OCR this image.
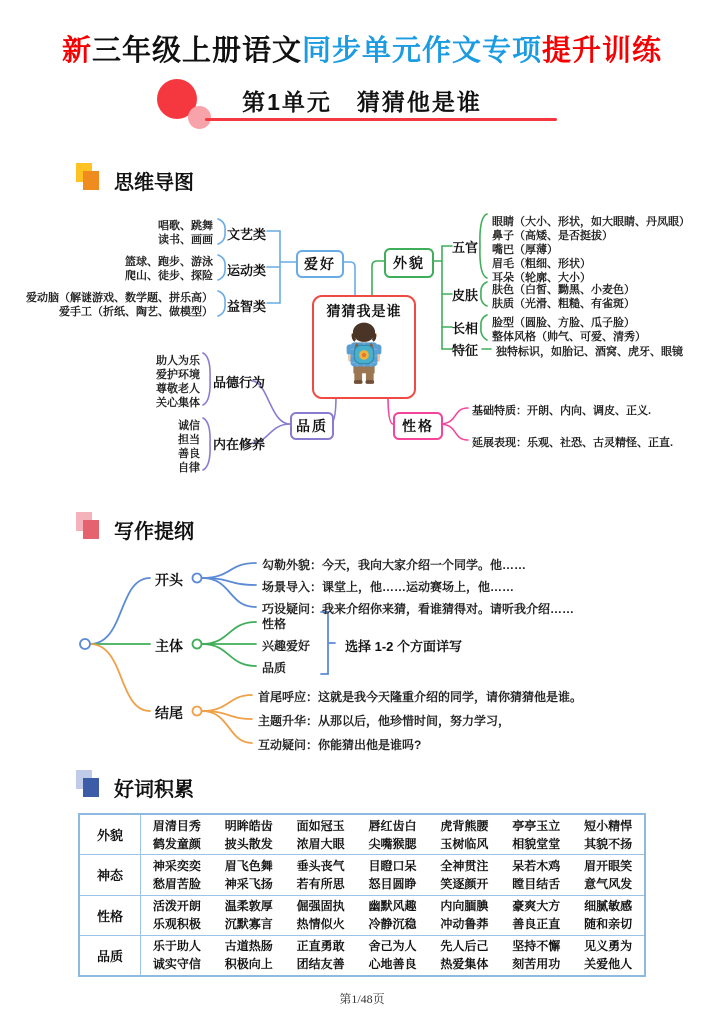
新三年级上册语文同步单元作文专项提升训练
第1单元　猜猜他是谁
思维导图
唱歌、跳舞
读书、画画 文艺类
篮球、跑步、游泳
爬山、徒步、探险 运动类
爱动脑（解谜游戏、数学题、拼乐高）
爱手工（折纸、陶艺、做模型） 益智类
爱好	外貌
五官
眼睛（大小、形状，如大眼睛、丹凤眼）
鼻子（高矮、是否挺拔）
嘴巴（厚薄）
眉毛（粗细、形状）
耳朵（轮廓、大小）
皮肤 肤色（白皙、黝黑、小麦色）
肤质（光滑、粗糙、有雀斑）
长相 脸型（圆脸、方脸、瓜子脸）
整体风格（帅气、可爱、清秀）
特征 独特标识，如胎记、酒窝、虎牙、眼镜
猜猜我是谁
助人为乐
爱护环境
尊敬老人
关心集体
品德行为
诚信
担当
善良
自律
内在修养
品质	性格
基础特质：开朗、内向、调皮、正义.
延展表现：乐观、社恐、古灵精怪、正直.
写作提纲
开头
勾勒外貌：今天，我向大家介绍一个同学。他……
场景导入：课堂上，他……运动赛场上，他……
巧设疑问：我来介绍你来猜，看谁猜得对。请听我介绍……
主体
性格
兴趣爱好
品质
选择 1-2 个方面详写
结尾
首尾呼应：这就是我今天隆重介绍的同学，请你猜猜他是谁。
主题升华：从那以后，他珍惜时间，努力学习，
互动疑问：你能猜出他是谁吗?
好词积累
外貌
眉清目秀
鹤发童颜
明眸皓齿
披头散发
面如冠玉
浓眉大眼
唇红齿白
尖嘴猴腮
虎背熊腰
玉树临风
亭亭玉立
相貌堂堂
短小精悍
其貌不扬
神态
神采奕奕
愁眉苦脸
眉飞色舞
神采飞扬
垂头丧气
若有所思
目瞪口呆
怒目圆睁
全神贯注
笑逐颜开
呆若木鸡
瞠目结舌
眉开眼笑
意气风发
性格
活泼开朗
乐观积极
温柔敦厚
沉默寡言
倔强固执
热情似火
幽默风趣
冷静沉稳
内向腼腆
冲动鲁莽
豪爽大方
善良正直
细腻敏感
随和亲切
品质
乐于助人
诚实守信
古道热肠
积极向上
正直勇敢
团结友善
舍己为人
心地善良
先人后己
热爱集体
坚持不懈
刻苦用功
见义勇为
关爱他人
第1/48页
